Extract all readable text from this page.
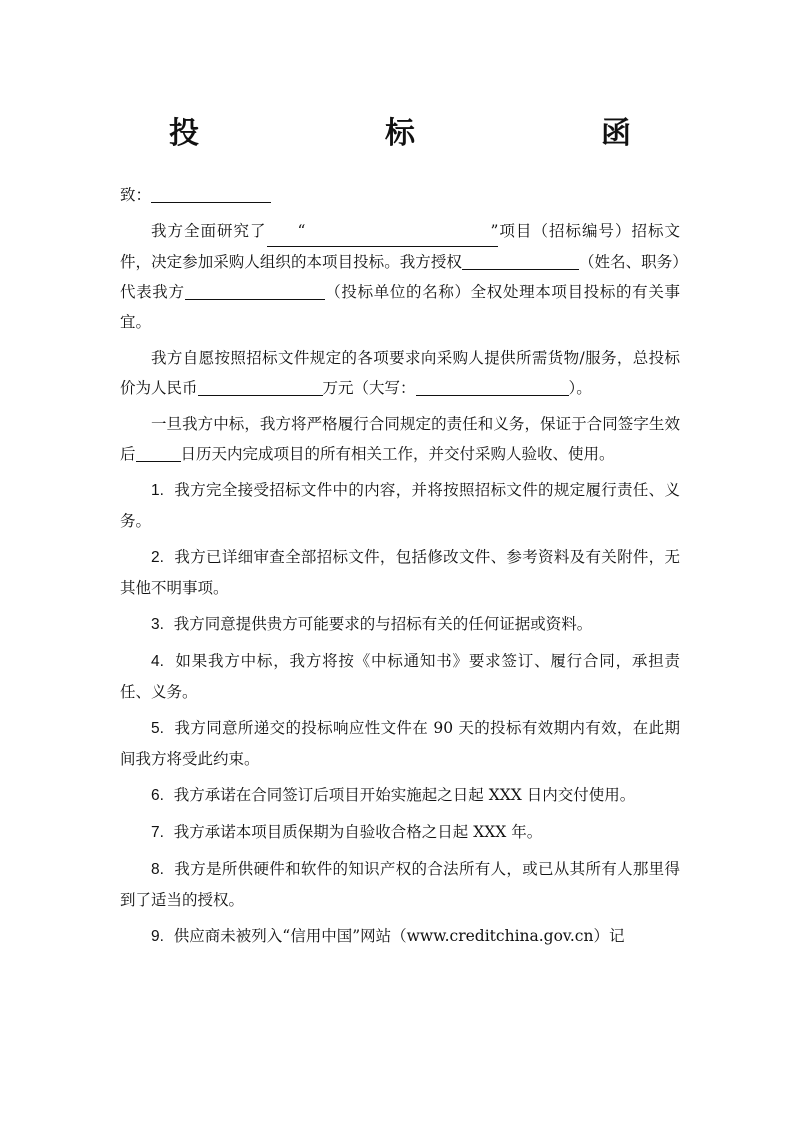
投　标　函

致：

我方全面研究了 “	”项目（招标编号）招标文件，决定参加采购人组织的本项目投标。我方授权	（姓名、职务）代表我方	（投标单位的名称）全权处理本项目投标的有关事宜。

我方自愿按照招标文件规定的各项要求向采购人提供所需货物/服务，总投标价为人民币	万元（大写：	）。

一旦我方中标，我方将严格履行合同规定的责任和义务，保证于合同签字生效后	日历天内完成项目的所有相关工作，并交付采购人验收、使用。

1. 我方完全接受招标文件中的内容，并将按照招标文件的规定履行责任、义务。

2. 我方已详细审查全部招标文件，包括修改文件、参考资料及有关附件，无其他不明事项。

3. 我方同意提供贵方可能要求的与招标有关的任何证据或资料。

4. 如果我方中标，我方将按《中标通知书》要求签订、履行合同，承担责任、义务。

5. 我方同意所递交的投标响应性文件在 90 天的投标有效期内有效，在此期间我方将受此约束。

6. 我方承诺在合同签订后项目开始实施起之日起 XXX 日内交付使用。

7. 我方承诺本项目质保期为自验收合格之日起 XXX 年。

8. 我方是所供硬件和软件的知识产权的合法所有人，或已从其所有人那里得到了适当的授权。

9. 供应商未被列入“信用中国”网站（www.creditchina.gov.cn）记
